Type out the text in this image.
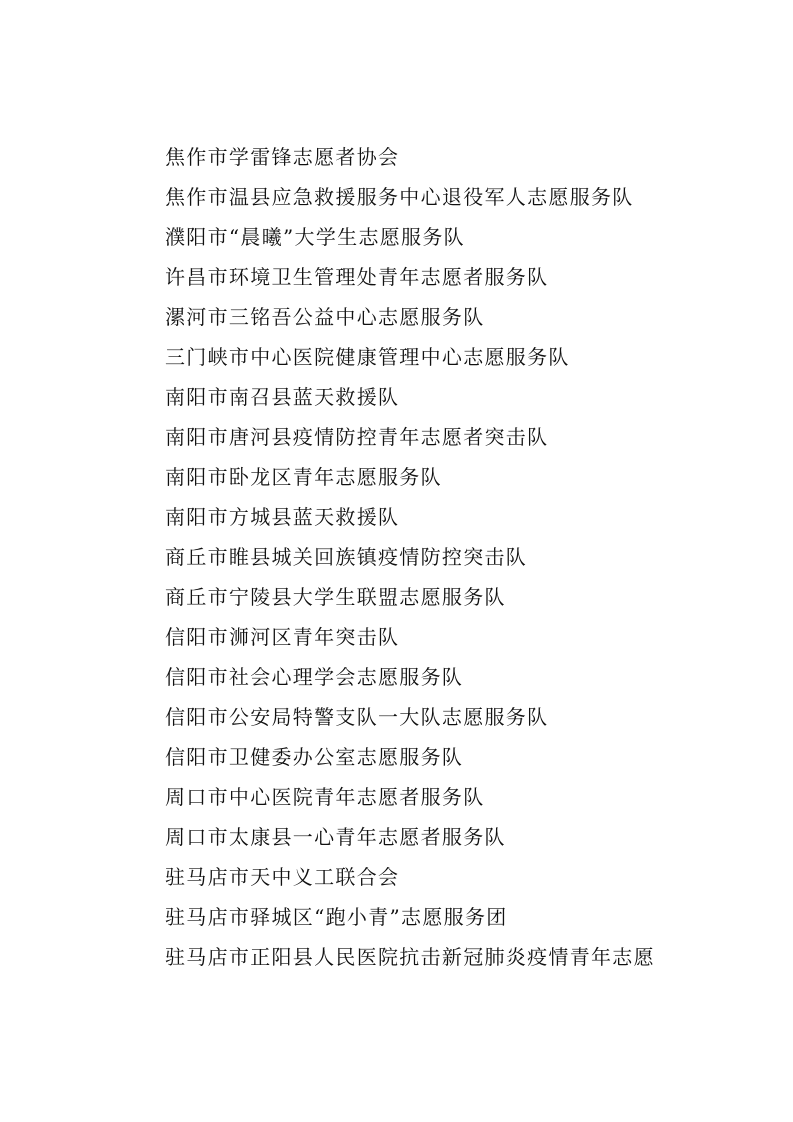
焦作市学雷锋志愿者协会
焦作市温县应急救援服务中心退役军人志愿服务队
濮阳市“晨曦”大学生志愿服务队
许昌市环境卫生管理处青年志愿者服务队
漯河市三铭吾公益中心志愿服务队
三门峡市中心医院健康管理中心志愿服务队
南阳市南召县蓝天救援队
南阳市唐河县疫情防控青年志愿者突击队
南阳市卧龙区青年志愿服务队
南阳市方城县蓝天救援队
商丘市睢县城关回族镇疫情防控突击队
商丘市宁陵县大学生联盟志愿服务队
信阳市浉河区青年突击队
信阳市社会心理学会志愿服务队
信阳市公安局特警支队一大队志愿服务队
信阳市卫健委办公室志愿服务队
周口市中心医院青年志愿者服务队
周口市太康县一心青年志愿者服务队
驻马店市天中义工联合会
驻马店市驿城区“跑小青”志愿服务团
驻马店市正阳县人民医院抗击新冠肺炎疫情青年志愿
